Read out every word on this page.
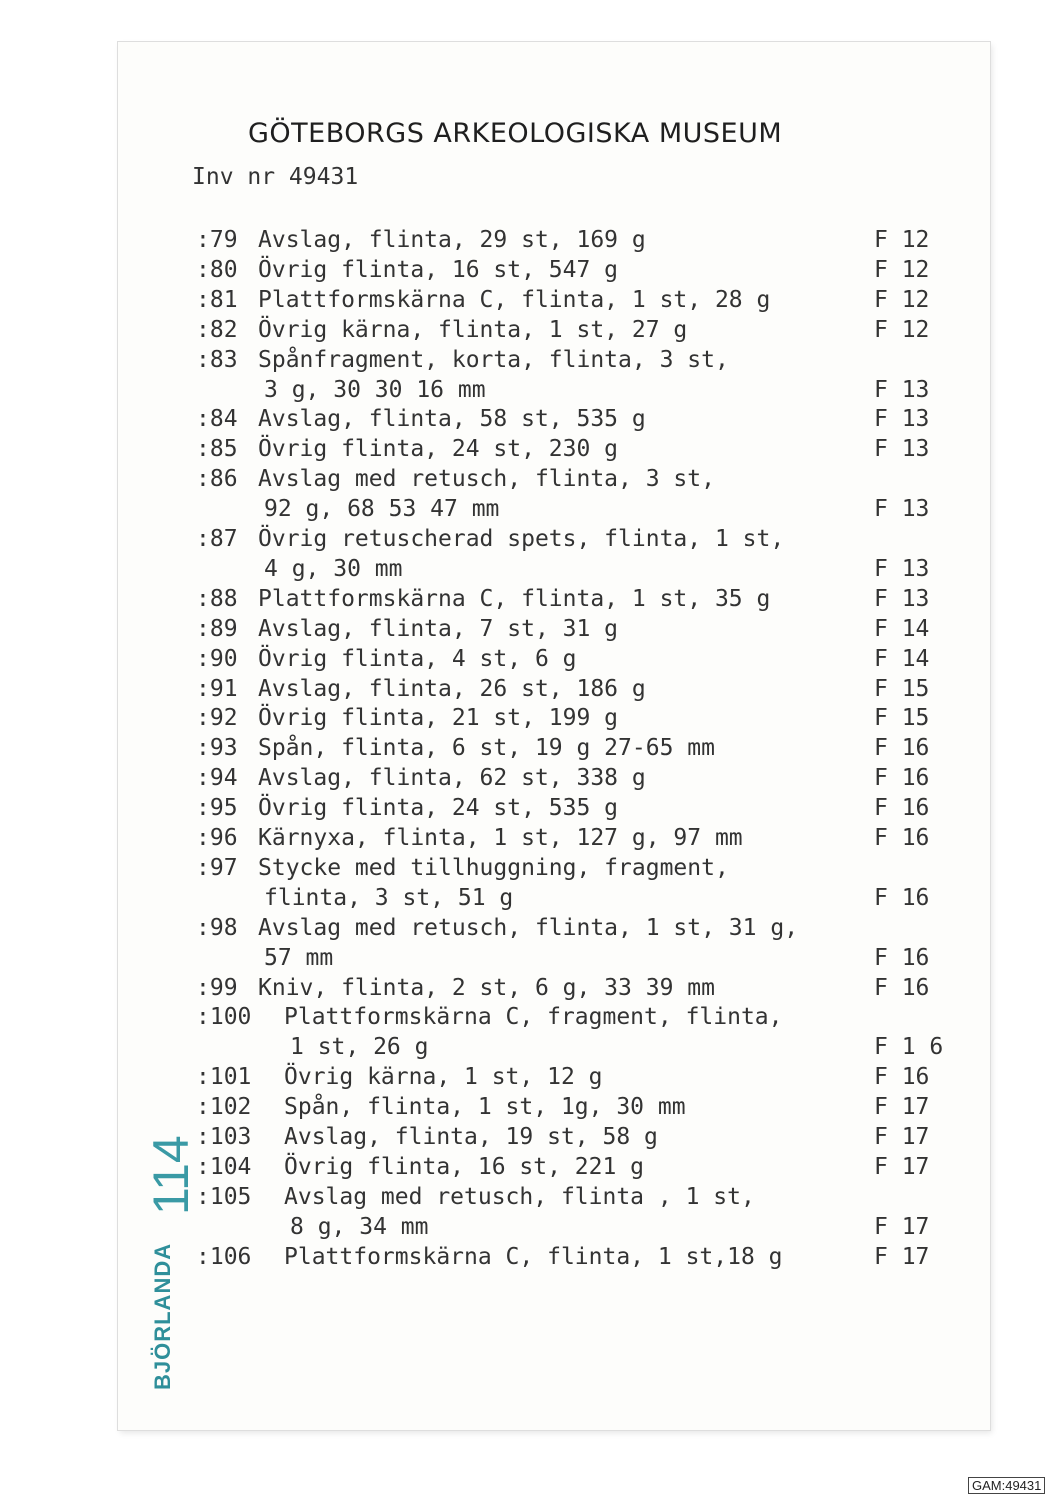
GÖTEBORGS ARKEOLOGISKA MUSEUM
Inv nr 49431
:79 Avslag, flinta, 29 st, 169 g	F 12
:80 Övrig flinta, 16 st, 547 g	F 12
:81 Plattformskärna C, flinta, 1 st, 28 g	F 12
:82 Övrig kärna, flinta, 1 st, 27 g	F 12
:83 Spånfragment, korta, flinta, 3 st,
3 g, 30 30 16 mm	F 13
:84 Avslag, flinta, 58 st, 535 g	F 13
:85 Övrig flinta, 24 st, 230 g	F 13
:86 Avslag med retusch, flinta, 3 st,
92 g, 68 53 47 mm	F 13
:87 Övrig retuscherad spets, flinta, 1 st,
4 g, 30 mm	F 13
:88 Plattformskärna C, flinta, 1 st, 35 g	F 13
:89 Avslag, flinta, 7 st, 31 g	F 14
:90 Övrig flinta, 4 st, 6 g	F 14
:91 Avslag, flinta, 26 st, 186 g	F 15
:92 Övrig flinta, 21 st, 199 g	F 15
:93 Spån, flinta, 6 st, 19 g 27-65 mm	F 16
:94 Avslag, flinta, 62 st, 338 g	F 16
:95 Övrig flinta, 24 st, 535 g	F 16
:96 Kärnyxa, flinta, 1 st, 127 g, 97 mm	F 16
:97 Stycke med tillhuggning, fragment,
flinta, 3 st, 51 g	F 16
:98 Avslag med retusch, flinta, 1 st, 31 g,
57 mm	F 16
:99 Kniv, flinta, 2 st, 6 g, 33 39 mm	F 16
:100 Plattformskärna C, fragment, flinta,
1 st, 26 g	F 1 6
:101 Övrig kärna, 1 st, 12 g	F 16
:102 Spån, flinta, 1 st, 1g, 30 mm	F 17
:103 Avslag, flinta, 19 st, 58 g	F 17
:104 Övrig flinta, 16 st, 221 g	F 17
:105 Avslag med retusch, flinta , 1 st,
8 g, 34 mm	F 17
:106 Plattformskärna C, flinta, 1 st,18 g	F 17
BJÖRLANDA
114
GAM:49431
